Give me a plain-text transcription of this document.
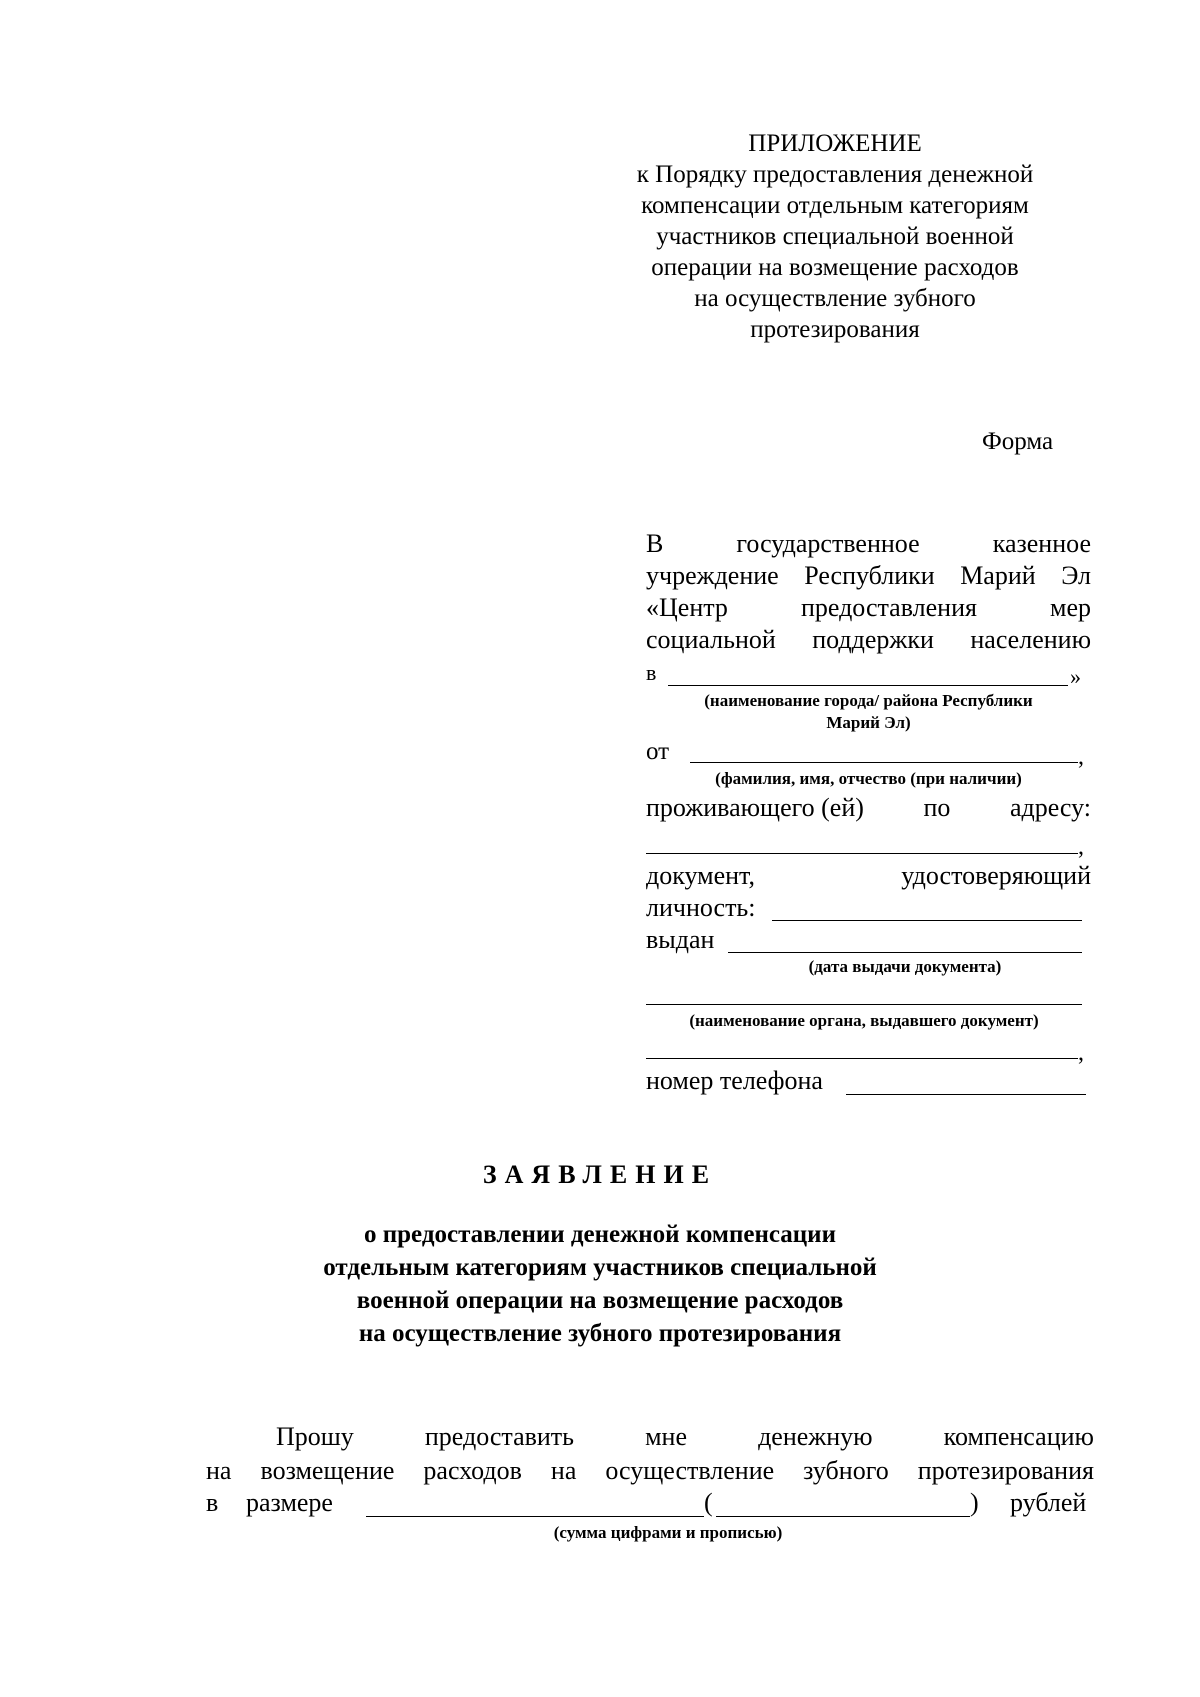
ПРИЛОЖЕНИЕ
к Порядку предоставления денежной
компенсации отдельным категориям
участников специальной военной
операции на возмещение расходов
на осуществление зубного
протезирования
Форма
В	государственное	казенное
учреждение Республики Марий Эл
«Центр	предоставления	мер
социальной поддержки населению
в	»
(наименование города/ района Республики
Марий Эл)
от	,
(фамилия, имя, отчество (при наличии)
проживающего (ей) по адресу:
,
документ,	удостоверяющий
личность:
выдан
(дата выдачи документа)
(наименование органа, выдавшего документ)
,
номер телефона
ЗАЯВЛЕНИЕ
о предоставлении денежной компенсации
отдельным категориям участников специальной
военной операции на возмещение расходов
на осуществление зубного протезирования
Прошу	предоставить	мне	денежную	компенсацию
на возмещение расходов на осуществление зубного протезирования
в размере	(	) рублей
(сумма цифрами и прописью)
